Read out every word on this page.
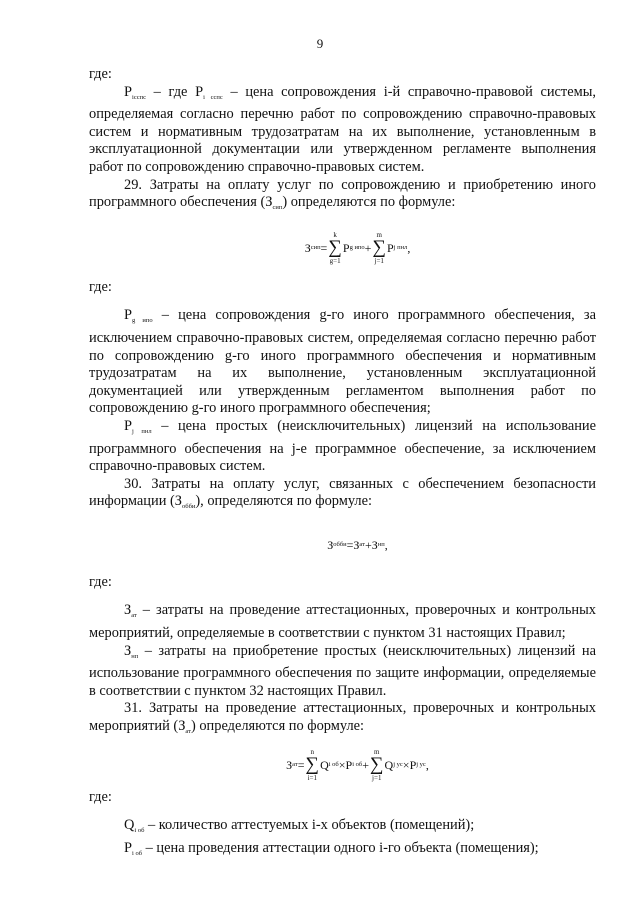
9

где:

$P_{iсспс}$ – где $P_{i сспс}$ – цена сопровождения i-й справочно-правовой системы, определяемая согласно перечню работ по сопровождению справочно-правовых систем и нормативным трудозатратам на их выполнение, установленным в эксплуатационной документации или утвержденном регламенте выполнения работ по сопровождению справочно-правовых систем.

29. Затраты на оплату услуг по сопровождению и приобретению иного программного обеспечения $(З_{сип})$ определяются по формуле:

З сип =
k
∑
g=1
P g ипо +
m
∑
j=1
P j пнл ,

где:

$P_{g ипо}$ – цена сопровождения g-го иного программного обеспечения, за исключением справочно-правовых систем, определяемая согласно перечню работ по сопровождению g-го иного программного обеспечения и нормативным трудозатратам на их выполнение, установленным эксплуатационной документацией или утвержденным регламентом выполнения работ по сопровождению g-го иного программного обеспечения;

$P_{j пнл}$ – цена простых (неисключительных) лицензий на использование программного обеспечения на j-е программное обеспечение, за исключением справочно-правовых систем.

30. Затраты на оплату услуг, связанных с обеспечением безопасности информации $(З_{обби})$, определяются по формуле:

З обби = З ат + З нп ,

где:

$З_{ат}$ – затраты на проведение аттестационных, проверочных и контрольных мероприятий, определяемые в соответствии с пунктом 31 настоящих Правил;

$З_{нп}$ – затраты на приобретение простых (неисключительных) лицензий на использование программного обеспечения по защите информации, определяемые в соответствии с пунктом 32 настоящих Правил.

31. Затраты на проведение аттестационных, проверочных и контрольных мероприятий $(З_{ат})$ определяются по формуле:

З ат =
n
∑
i=1
Q i об × P i об +
m
∑
j=1
Q j ус × P j ус ,

где:

$Q_{i об}$ – количество аттестуемых i-х объектов (помещений);

$P_{i об}$ – цена проведения аттестации одного i-го объекта (помещения);
